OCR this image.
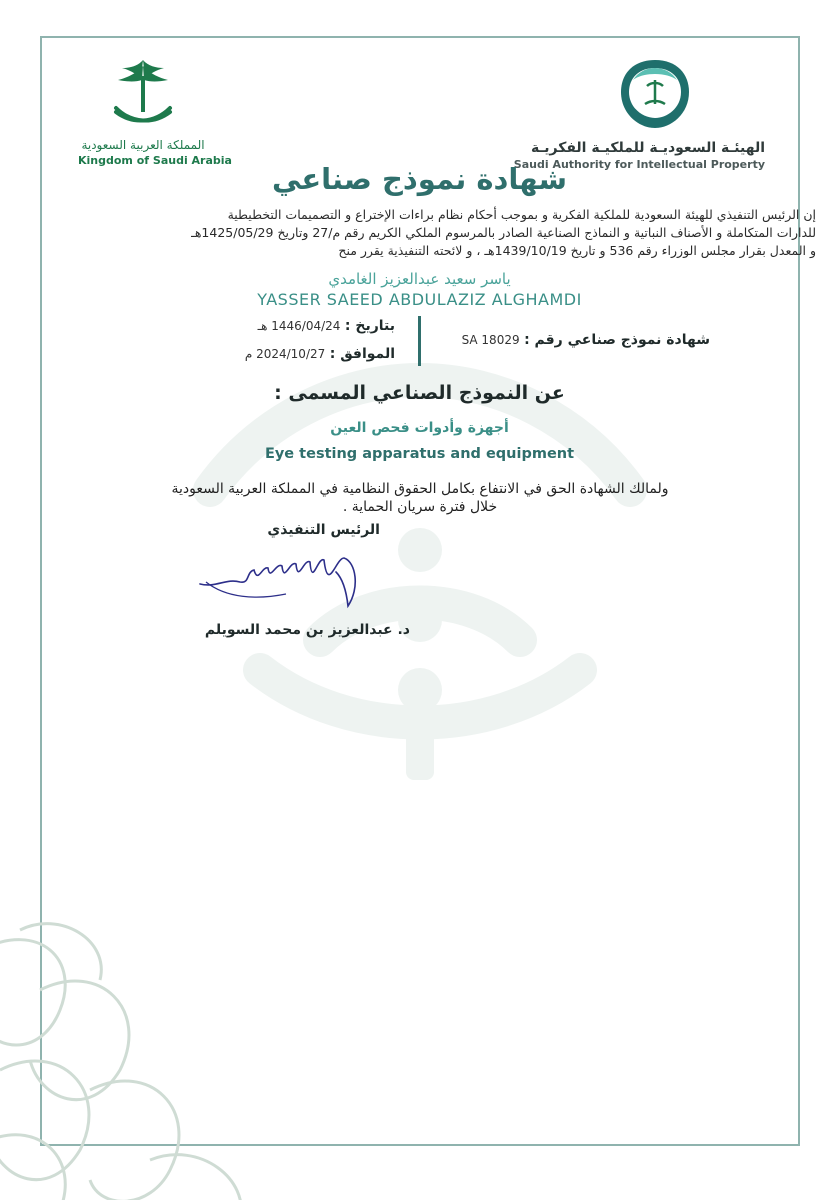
الهيئـة السعوديـة للملكيـة الفكريـة
Saudi Authority for Intellectual Property
المملكة العربية السعودية
Kingdom of Saudi Arabia
شهادة نموذج صناعي
إن الرئيس التنفيذي للهيئة السعودية للملكية الفكرية و بموجب أحكام نظام براءات الإختراع و التصميمات التخطيطية
للدارات المتكاملة و الأصناف النباتية و النماذج الصناعية الصادر بالمرسوم الملكي الكريم رقم م/27 وتاريخ 1425/05/29هـ
و المعدل بقرار مجلس الوزراء رقم 536 و تاريخ 1439/10/19هـ ، و لائحته التنفيذية يقرر منح
ياسر سعيد عبدالعزيز الغامدي
YASSER SAEED ABDULAZIZ ALGHAMDI
بتاريخ : 1446/04/24 هـ
الموافق : 2024/10/27 م
شهادة نموذج صناعي رقم : SA 18029
عن النموذج الصناعي المسمى :
أجهزة وأدوات فحص العين
Eye testing apparatus and equipment
ولمالك الشهادة الحق في الانتفاع بكامل الحقوق النظامية في المملكة العربية السعودية
خلال فترة سريان الحماية .
الرئيس التنفيذي
د. عبدالعزيز بن محمد السويلم
